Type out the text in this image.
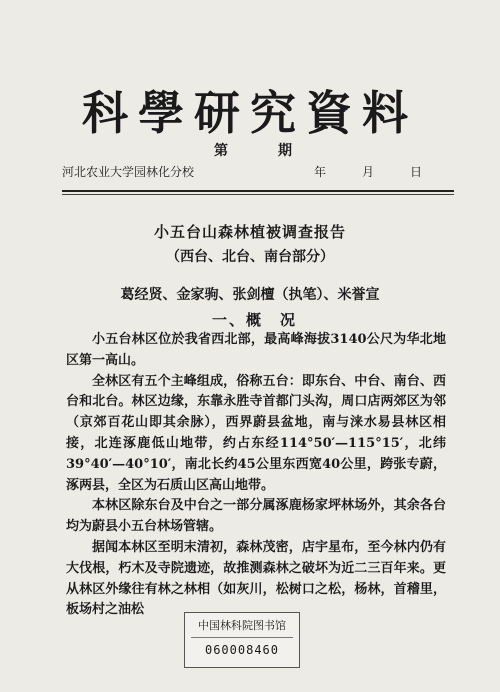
科學研究資料
第	期
河北农业大学园林化分校	年	月	日
小五台山森林植被调查报告
（西台、北台、南台部分）
葛经贤、金家驹、张剑檀（执笔）、米誉宣
一、概　况

小五台林区位於我省西北部，最高峰海拔3140公尺为华北地区第一高山。

全林区有五个主峰组成，俗称五台：即东台、中台、南台、西台和北台。林区边缘，东靠永胜寺首都门头沟，周口店两郊区为邻（京郊百花山即其余脉），西界蔚县盆地，南与涞水易县林区相接，北连涿鹿低山地带，约占东经114°50′—115°15′，北纬39°40′—40°10′，南北长约45公里东西宽40公里，跨张专蔚，涿两县，全区为石质山区高山地带。

本林区除东台及中台之一部分属涿鹿杨家坪林场外，其余各台均为蔚县小五台林场管辖。

据闻本林区至明末清初，森林茂密，店宇星布，至今林内仍有大伐根，朽木及寺院遗迹，故推测森林之破坏为近二三百年来。更从林区外缘往有林之林相（如灰川，松树口之松，杨林，首稽里，板场村之油松

中国林科院图书馆
060008460
